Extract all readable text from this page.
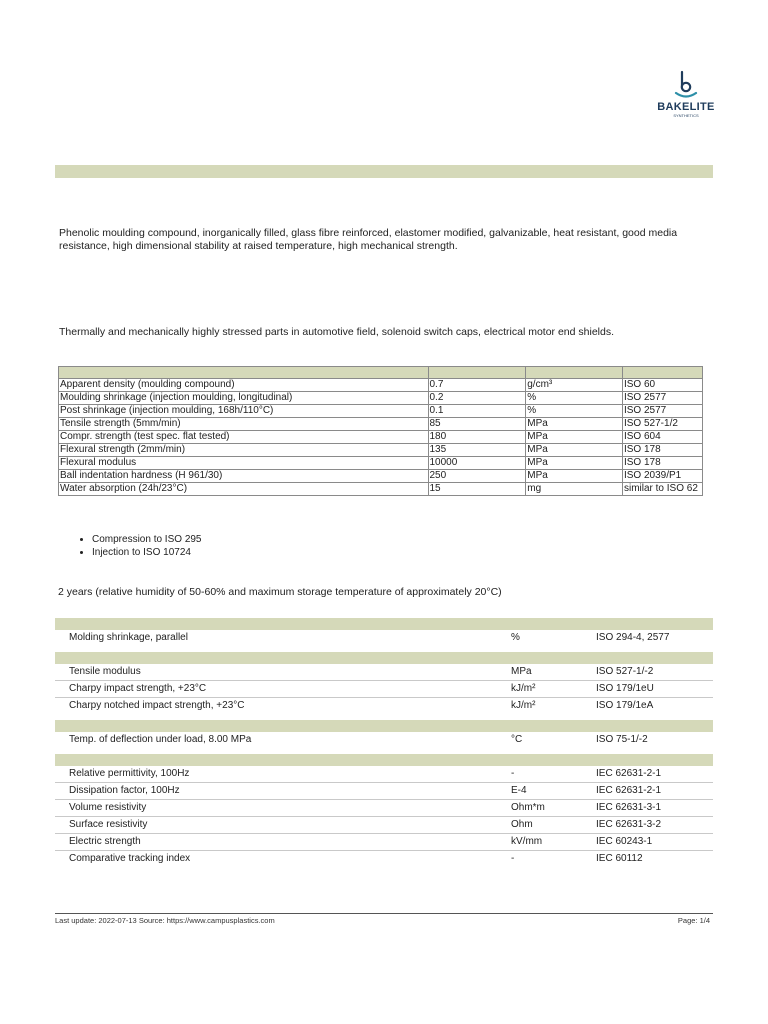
BAKELITE
SYNTHETICS
Phenolic moulding compound, inorganically filled, glass fibre reinforced, elastomer modified, galvanizable, heat resistant, good media resistance, high dimensional stability at raised temperature, high mechanical strength.
Thermally and mechanically highly stressed parts in automotive field, solenoid switch caps, electrical motor end shields.

Apparent density (moulding compound)	0.7	g/cm³	ISO 60
Moulding shrinkage (injection moulding, longitudinal)	0.2	%	ISO 2577
Post shrinkage (injection moulding, 168h/110°C)	0.1	%	ISO 2577
Tensile strength (5mm/min)	85	MPa	ISO 527-1/2
Compr. strength (test spec. flat tested)	180	MPa	ISO 604
Flexural strength (2mm/min)	135	MPa	ISO 178
Flexural modulus	10000	MPa	ISO 178
Ball indentation hardness (H 961/30)	250	MPa	ISO 2039/P1
Water absorption (24h/23°C)	15	mg	similar to ISO 62
• Compression to ISO 295
• Injection to ISO 10724
2 years (relative humidity of 50-60% and maximum storage temperature of approximately 20°C)
Molding shrinkage, parallel	%	ISO 294-4, 2577
Tensile modulus	MPa	ISO 527-1/-2
Charpy impact strength, +23°C	kJ/m²	ISO 179/1eU
Charpy notched impact strength, +23°C	kJ/m²	ISO 179/1eA
Temp. of deflection under load, 8.00 MPa	°C	ISO 75-1/-2
Relative permittivity, 100Hz	-	IEC 62631-2-1
Dissipation factor, 100Hz	E-4	IEC 62631-2-1
Volume resistivity	Ohm*m	IEC 62631-3-1
Surface resistivity	Ohm	IEC 62631-3-2
Electric strength	kV/mm	IEC 60243-1
Comparative tracking index	-	IEC 60112
Last update: 2022-07-13 Source: https://www.campusplastics.com	Page: 1/4
